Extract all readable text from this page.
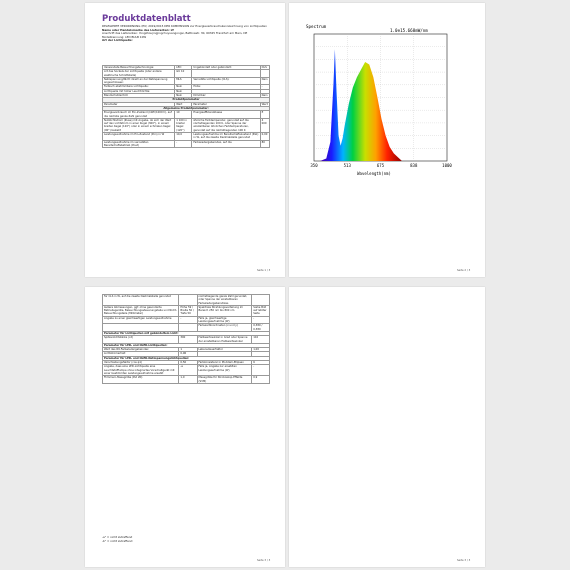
Produktdatenblatt
DELEGIERTE VERORDNUNG (EU) 2019/2015 DER KOMMISSION zur Energieverbrauchskennzeichnung von Lichtquellen
Name oder Handelsmarke des Lieferanten: LY
Anschrift des Lieferanten: Yongzhoujingjingchuyuangongsi, Bettinastr. 30, 60325 Frankfurt am Main, DE
Modellkennung: LED BULB 10W
Art der Lichtquelle:
Verwendete Beleuchtungstechnologie:	LED	Ungebündelt oder gebündelt:	DLS
Art des Sockels der Lichtquelle (oder andere elektrische Schnittstelle)	GU 10		
Netzspannung/Nicht direkt an der Netzspannung angeschlossen:	MLS	Vernetzte Lichtquelle (CLS):	Nein
Farbisch abstimmbare Lichtquelle:	Nein	Hülle:	-
Lichtquelle mit hoher Leuchtdichte:	Nein		
Blendschutzschild:	Nein	Dimmbar:	Nein
Produktparameter			
Parameter	Wert	Parameter	Wert
Allgemeine Produktparameter:			
Energieverbrauch im Ein-Zustand (kWh/1000 h), auf die nächste ganze Zahl gerundet	10	Energieeffizienzklasse	E
Nutzlichtstrom (Φuse) mit Angabe, ob sich der Wert auf den Lichtstrom in einer Kugel (360°), in einem breiten Kegel (120°) oder in einem schmalen Kegel (90°) bezieht	1 100 in breiter Kegel (120°)	ähnliche Farbtemperatur, gerundet auf die nächstliegenden 100 K, oder Spanne der einstellbaren ähnlichen Farbtemperaturen, gerundet auf die nächstliegenden 100 K	4 000
Leistungsaufnahme im Ein-Zustand (Pon) in W	10,0	Leistungsaufnahme im Bereitschaftszustand (Psb) in W, auf die zweite Dezimalstelle gerundet	0,00
Leistungsaufnahme im vernetzten Bereitschaftsbetrieb (Pnet)	-	Farbwiedergabeindex, auf die	80
Seite 1 / 3
Spectrum
1.0e15.668mW/nm
350	513	675	838	1000
Wavelength(nm)
Seite 2 / 3
für CLS in W, auf die zweite Dezimalstelle gerundet		nächstliegende ganze Zahl gerundet, oder Spanne der einstellbaren Farbwiedergabeindizes	
äußere Abmessungen, ggf. ohne gesonderte Betriebsgeräte, Beleuchtungssteuerungsteile und Nicht-Beleuchtungsteile (Millimeter)	Höhe 59 / Breite 50 / Tiefe 50	Spektrale Strahlungsverteilung im Bereich 250 nm bis 800 nm	Siehe Bild auf letzter Seite
Angabe zu einer gleichwertigen Leistungsaufnahme	-	Falls ja, gleichwertige Leistungsaufnahme (W)	-
		Farbwertkoordinaten (x und y)	0,380 / 0,380
Parameter für Lichtquellen mit gebündeltem Licht:			
Spitzenlichtstärke (cd)	300	Halbwertswinkel in Grad oder Spanne der einstellbaren Halbwertswinkel	110
Parameter für LED- und OLED-Lichtquellen:			
Wert des R9-Farbwiedergabeindex	1	Lebensdauerfaktor	1,00
Lichtstromerhalt	0,96		
Parameter für LED- und OLED-Netzspannungslichtquellen:			
Verschiebungsfaktor (cos φ1)	0,50	Farbkonsistenz in McAdam-Ellipsen	6
Angabe, dass eine LED-Lichtquelle eine Leuchtstofflampe ohne integriertes Vorschaltgerät mit einer bestimmten Leistungsaufnahme ersetzt	-a	Falls ja, Angabe zur ersetzten Leistungsaufnahme (W)	-
Flimmern-Messgröße (Pst LM)	1,0	Messgröße für Stroboskop-Effekte (SVM)	0,9
-a" = nicht zutreffend
-b" = nicht zutreffend
Seite 3 / 3	Seite 3 / 3
